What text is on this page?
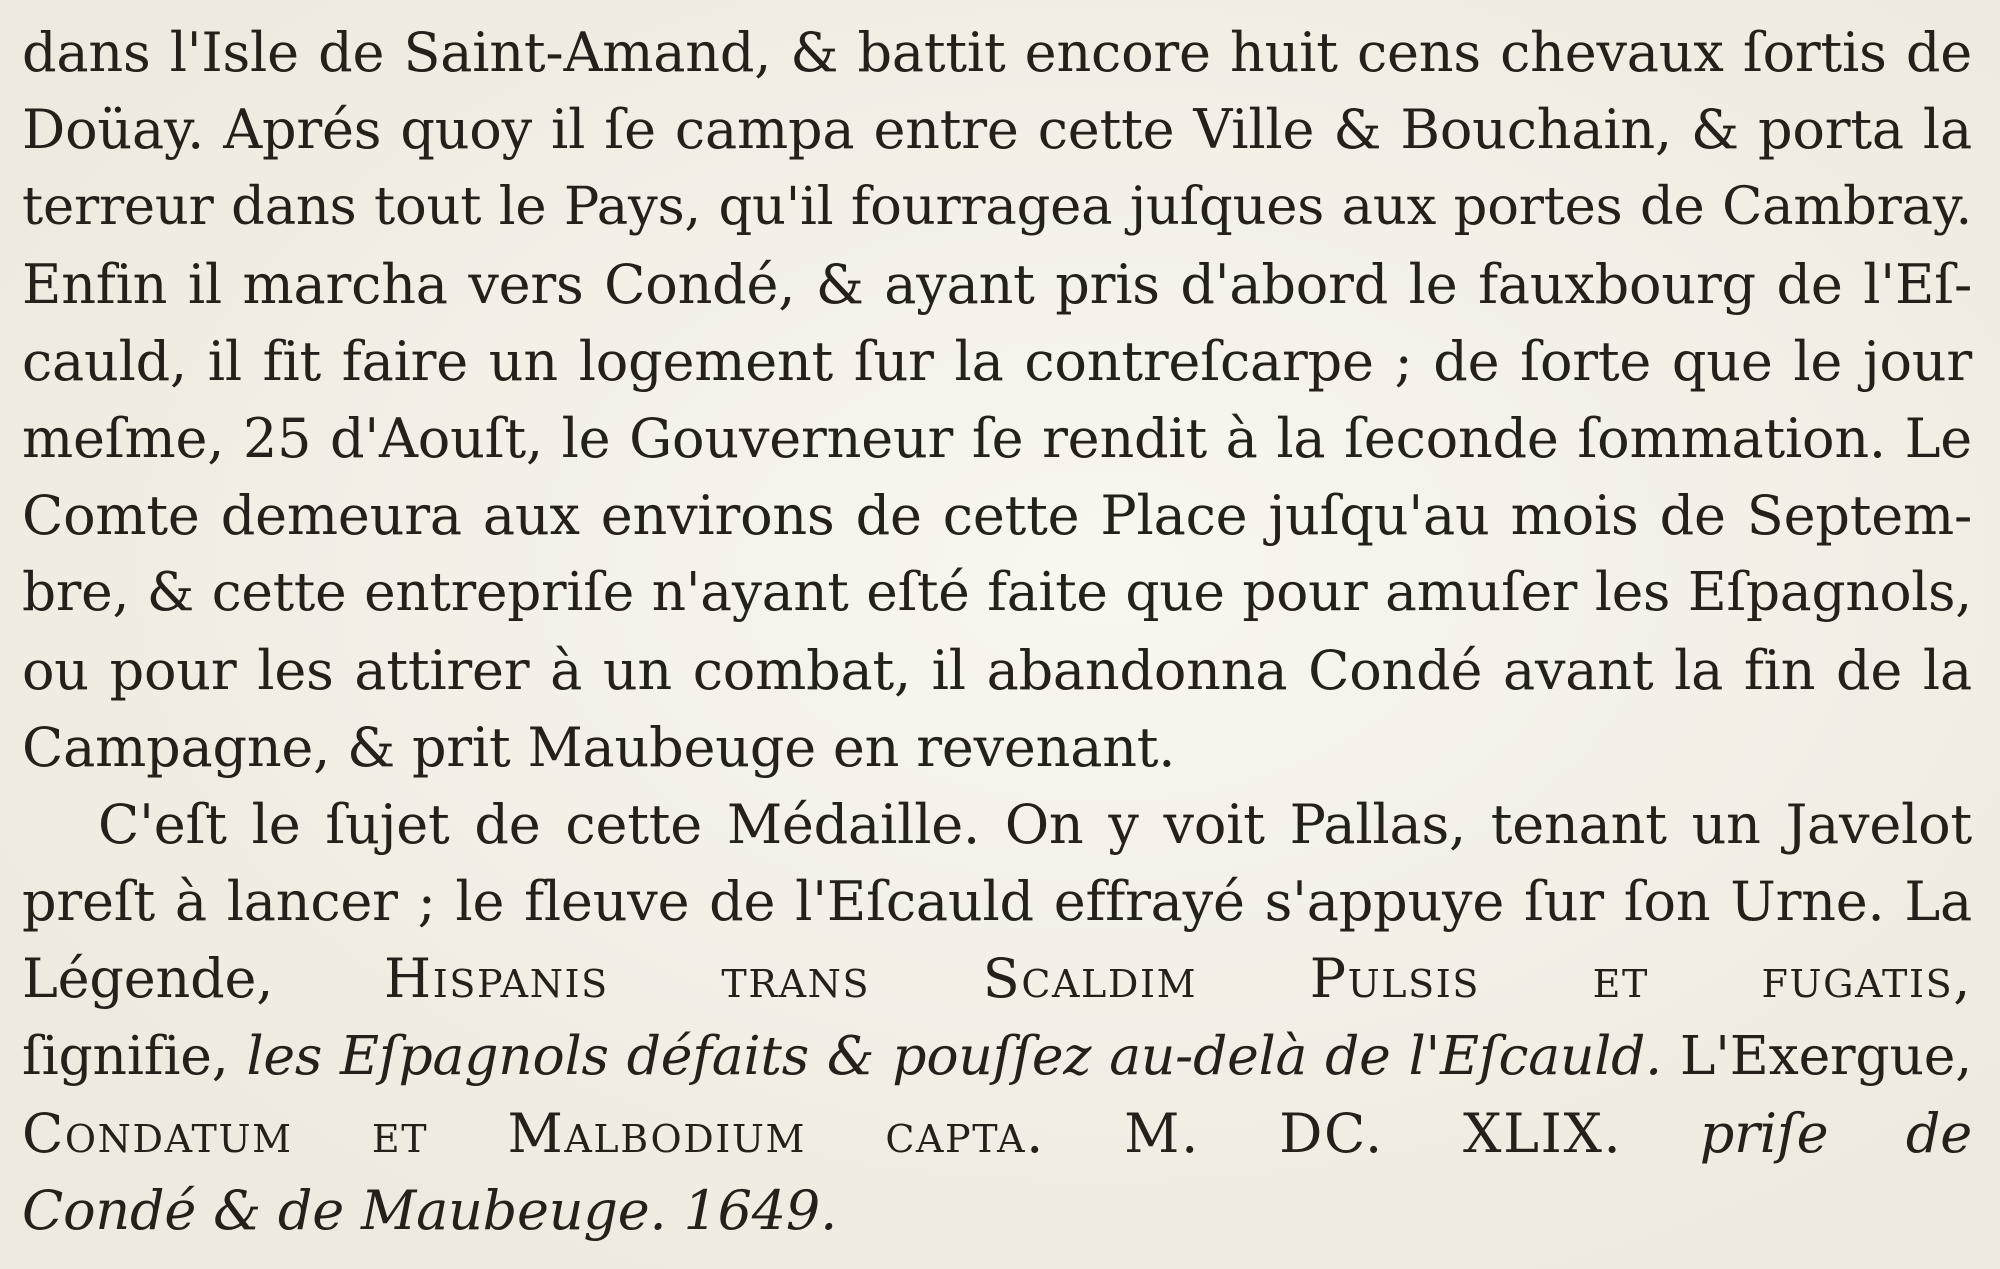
dans l'Isle de Saint-Amand, & battit encore huit cens chevaux ſortis de
Doüay. Aprés quoy il ſe campa entre cette Ville & Bouchain, & porta la
terreur dans tout le Pays, qu'il fourragea juſques aux portes de Cambray.
Enfin il marcha vers Condé, & ayant pris d'abord le fauxbourg de l'Eſ-
cauld, il fit faire un logement ſur la contreſcarpe ; de ſorte que le jour
meſme, 25 d'Aouſt, le Gouverneur ſe rendit à la ſeconde ſommation. Le
Comte demeura aux environs de cette Place juſqu'au mois de Septem-
bre, & cette entrepriſe n'ayant eſté faite que pour amuſer les Eſpagnols,
ou pour les attirer à un combat, il abandonna Condé avant la fin de la
Campagne, & prit Maubeuge en revenant.
C'eſt le ſujet de cette Médaille. On y voit Pallas, tenant un Javelot
preſt à lancer ; le fleuve de l'Eſcauld effrayé s'appuye ſur ſon Urne. La
Légende, Hispanis trans Scaldim Pulsis et fugatis,
ſignifie, les Eſpagnols défaits & pouſſez au-delà de l'Eſcauld. L'Exergue,
Condatum et Malbodium capta. M. DC. XLIX. priſe de
Condé & de Maubeuge. 1649.
